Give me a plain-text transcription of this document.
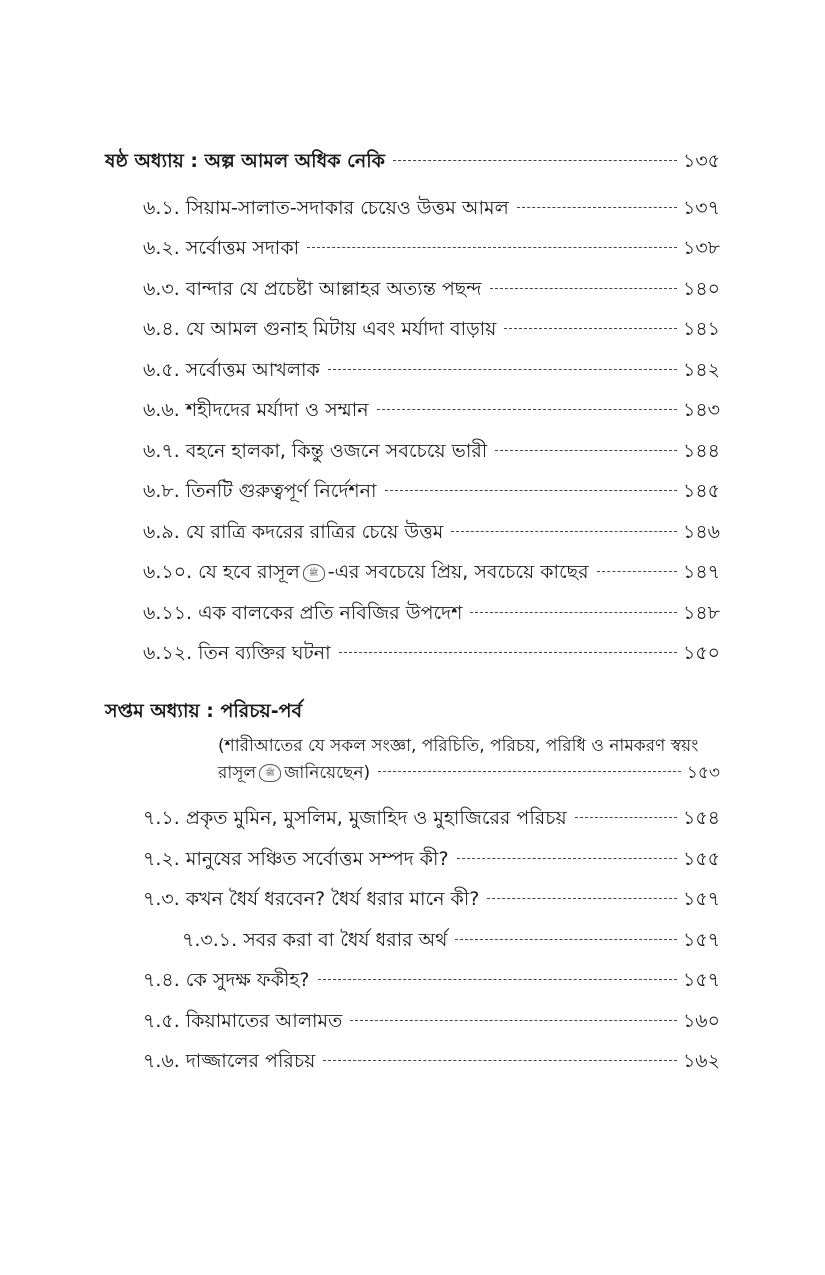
ষষ্ঠ অধ্যায় : অল্প আমল অধিক নেকি	১৩৫
৬.১. সিয়াম-সালাত-সদাকার চেয়েও উত্তম আমল	১৩৭
৬.২. সর্বোত্তম সদাকা	১৩৮
৬.৩. বান্দার যে প্রচেষ্টা আল্লাহর অত্যন্ত পছন্দ	১৪০
৬.৪. যে আমল গুনাহ মিটায় এবং মর্যাদা বাড়ায়	১৪১
৬.৫. সর্বোত্তম আখলাক	১৪২
৬.৬. শহীদদের মর্যাদা ও সম্মান	১৪৩
৬.৭. বহনে হালকা, কিন্তু ওজনে সবচেয়ে ভারী	১৪৪
৬.৮. তিনটি গুরুত্বপূর্ণ নির্দেশনা	১৪৫
৬.৯. যে রাত্রি কদরের রাত্রির চেয়ে উত্তম	১৪৬
৬.১০. যে হবে রাসূল ﷺ -এর সবচেয়ে প্রিয়, সবচেয়ে কাছের	১৪৭
৬.১১. এক বালকের প্রতি নবিজির উপদেশ	১৪৮
৬.১২. তিন ব্যক্তির ঘটনা	১৫০
সপ্তম অধ্যায় : পরিচয়-পর্ব
(শারীআতের যে সকল সংজ্ঞা, পরিচিতি, পরিচয়, পরিধি ও নামকরণ স্বয়ং
রাসূল ﷺ জানিয়েছেন)	১৫৩
৭.১. প্রকৃত মুমিন, মুসলিম, মুজাহিদ ও মুহাজিরের পরিচয়	১৫৪
৭.২. মানুষের সঞ্চিত সর্বোত্তম সম্পদ কী?	১৫৫
৭.৩. কখন ধৈর্য ধরবেন? ধৈর্য ধরার মানে কী?	১৫৭
৭.৩.১. সবর করা বা ধৈর্য ধরার অর্থ	১৫৭
৭.৪. কে সুদক্ষ ফকীহ?	১৫৭
৭.৫. কিয়ামাতের আলামত	১৬০
৭.৬. দাজ্জালের পরিচয়	১৬২
